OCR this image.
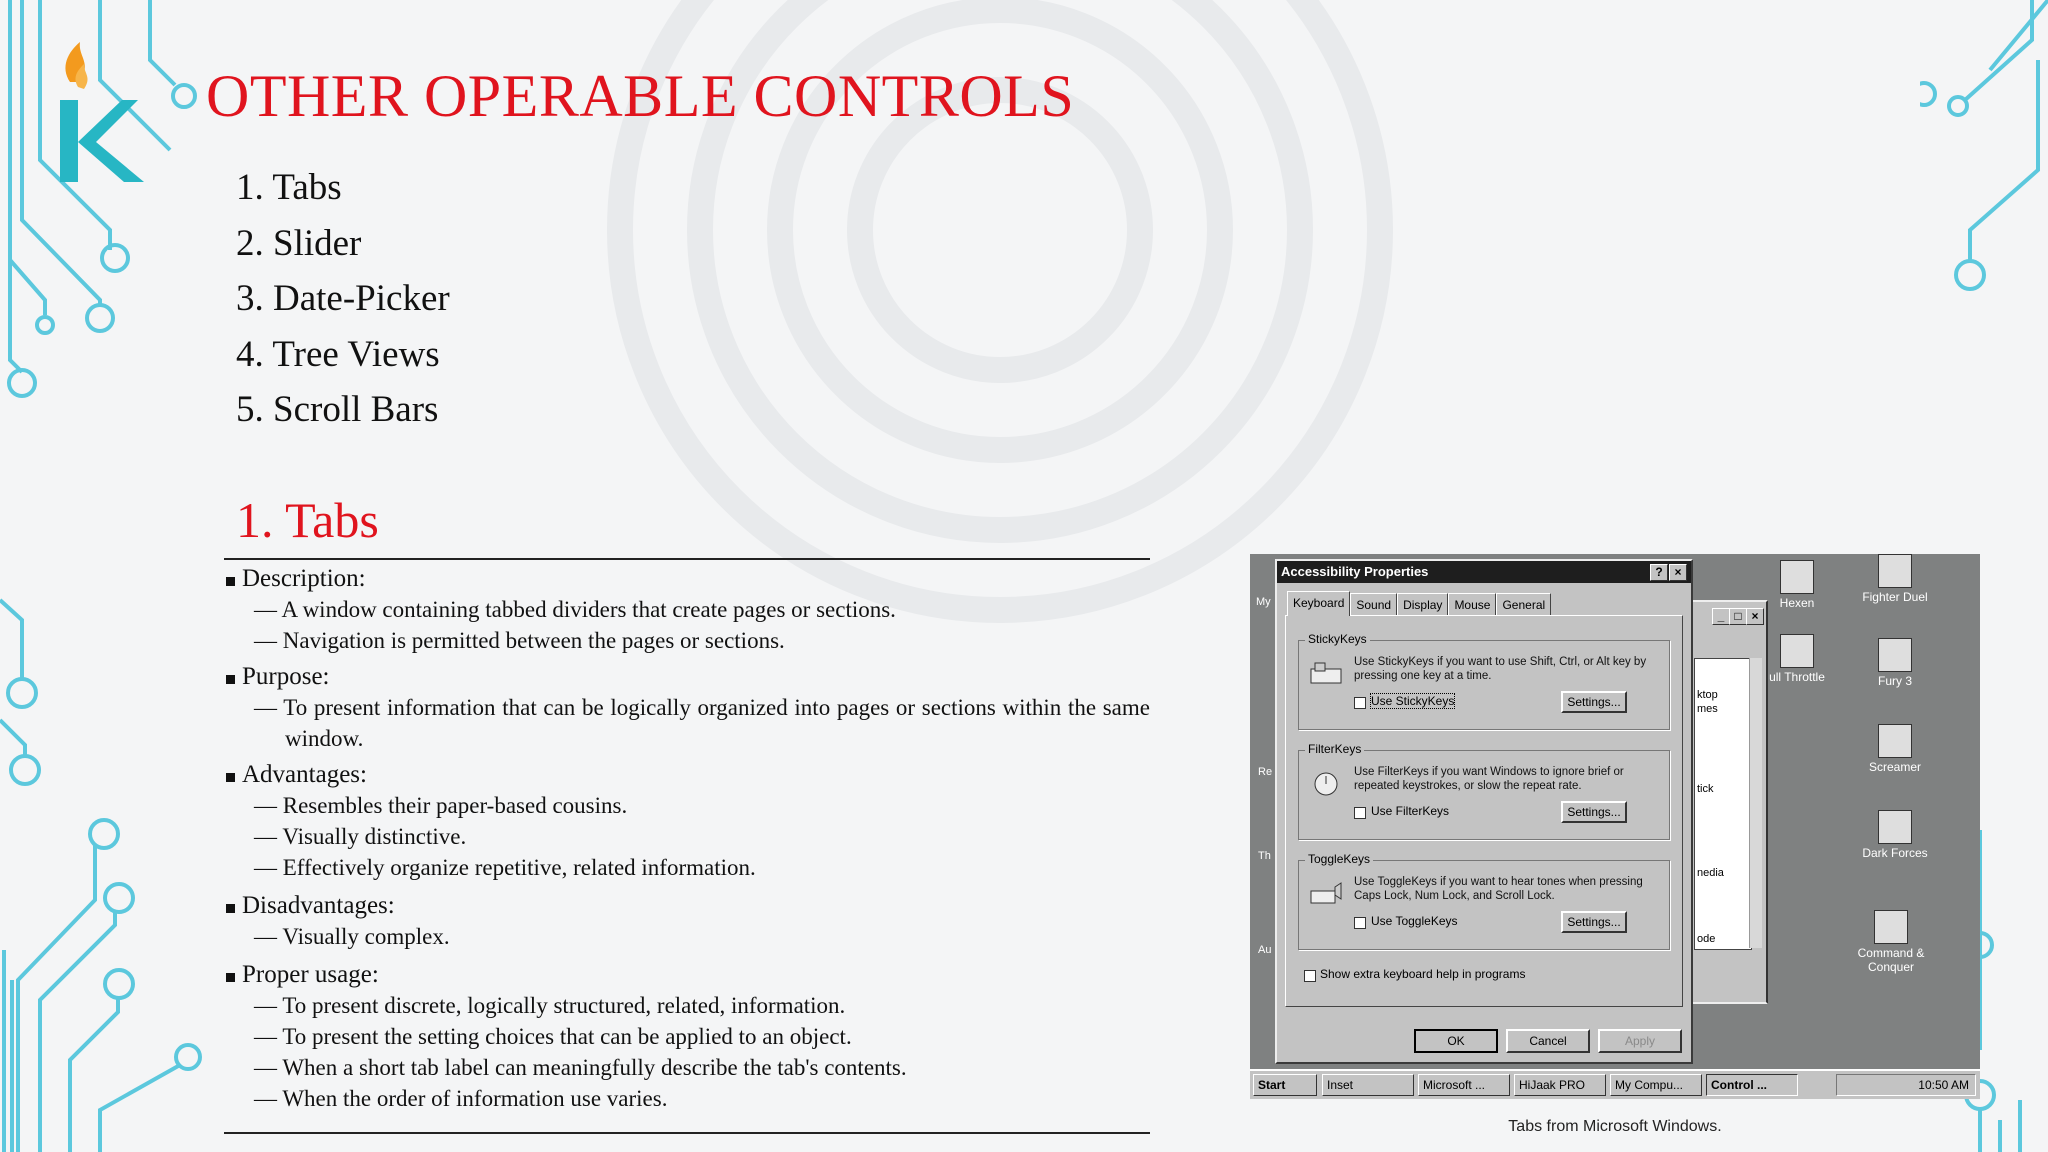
OTHER OPERABLE CONTROLS
1. Tabs
2. Slider
3. Date-Picker
4. Tree Views
5. Scroll Bars
1. Tabs
Description:
— A window containing tabbed dividers that create pages or sections.
— Navigation is permitted between the pages or sections.
Purpose:
— To present information that can be logically organized into pages or sections within the same window.
Advantages:
— Resembles their paper-based cousins.
— Visually distinctive.
— Effectively organize repetitive, related information.
Disadvantages:
— Visually complex.
Proper usage:
— To present discrete, logically structured, related, information.
— To present the setting choices that can be applied to an object.
— When a short tab label can meaningfully describe the tab's contents.
— When the order of information use varies.
My
Re
Th
Au
_ □ ×
ktop
mes
tick
nedia
ode
Hexen	Fighter Duel
ull Throttle	Fury 3
Screamer
Dark Forces
Command & Conquer
Accessibility Properties	? ×
Keyboard	Sound	Display	Mouse	General
StickyKeys
Use StickyKeys if you want to use Shift, Ctrl, or Alt key by pressing one key at a time.
Use StickyKeys	Settings...
FilterKeys
Use FilterKeys if you want Windows to ignore brief or repeated keystrokes, or slow the repeat rate.
Use FilterKeys	Settings...
ToggleKeys
Use ToggleKeys if you want to hear tones when pressing Caps Lock, Num Lock, and Scroll Lock.
Use ToggleKeys	Settings...
Show extra keyboard help in programs
OK	Cancel	Apply
Start	Inset	Microsoft ...	HiJaak PRO	My Compu...	Control ...	10:50 AM
Tabs from Microsoft Windows.
